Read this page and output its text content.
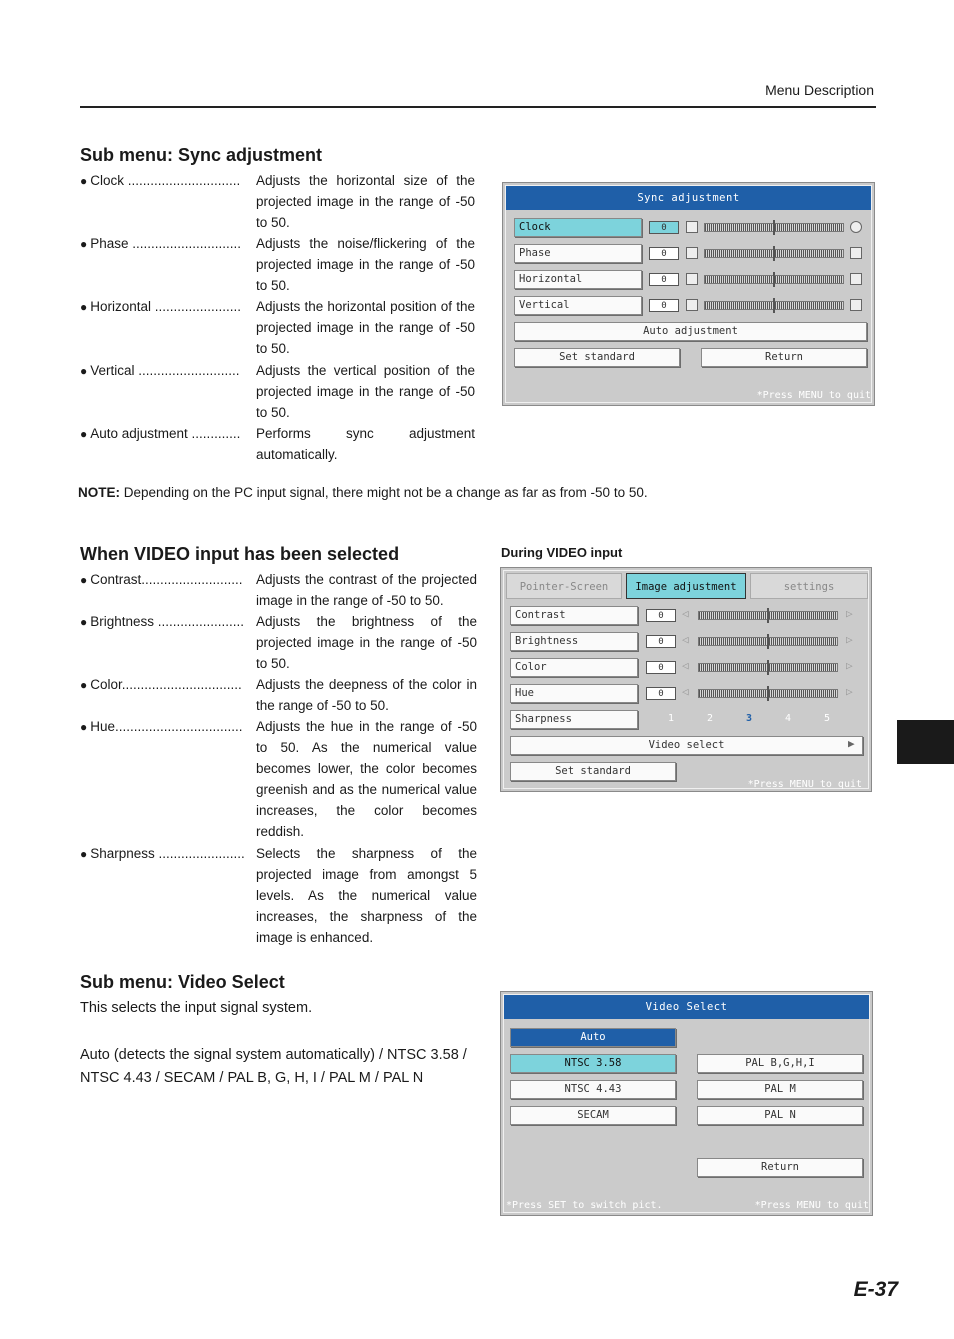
Menu Description
Sub menu: Sync adjustment
● Clock ..............................	Adjusts the horizontal size of the projected image in the range of -50 to 50.
● Phase .............................	Adjusts the noise/flickering of the projected image in the range of -50 to 50.
● Horizontal .......................	Adjusts the horizontal position of the projected image in the range of -50 to 50.
● Vertical ...........................	Adjusts the vertical position of the projected image in the range of -50 to 50.
● Auto adjustment .............	Performs sync adjustment automatically.
NOTE: Depending on the PC input signal, there might not be a change as far as from -50 to 50.
Sync adjustment
Clock	0
Phase	0
Horizontal	0
Vertical	0
Auto adjustment
Set standard	Return
*Press MENU to quit
When VIDEO input has been selected	During VIDEO input
● Contrast........................... Adjusts the contrast of the projected image in the range of -50 to 50.
● Brightness ....................... Adjusts the brightness of the projected image in the range of -50 to 50.
● Color................................	Adjusts the deepness of the color in the range of -50 to 50.
● Hue.................................. Adjusts the hue in the range of -50 to 50. As the numerical value becomes lower, the color becomes greenish and as the numerical value increases, the color becomes reddish.
● Sharpness ....................... Selects the sharpness of the projected image from amongst 5 levels. As the numerical value increases, the sharpness of the image is enhanced.
Pointer-Screen	Image adjustment	settings
Contrast	0	◁	▷
Brightness	0	◁	▷
Color	0	◁	▷
Hue	0	◁	▷
Sharpness	1	2	3	4	5
Video select	▶
Set standard
*Press MENU to quit
Sub menu: Video Select
This selects the input signal system.
Auto (detects the signal system automatically) / NTSC 3.58 / NTSC 4.43 / SECAM / PAL B, G, H, I / PAL M / PAL N
Video Select
Auto
NTSC 3.58
NTSC 4.43
SECAM
PAL B,G,H,I
PAL M
PAL N
Return
*Press SET to switch pict.	*Press MENU to quit
E-37
